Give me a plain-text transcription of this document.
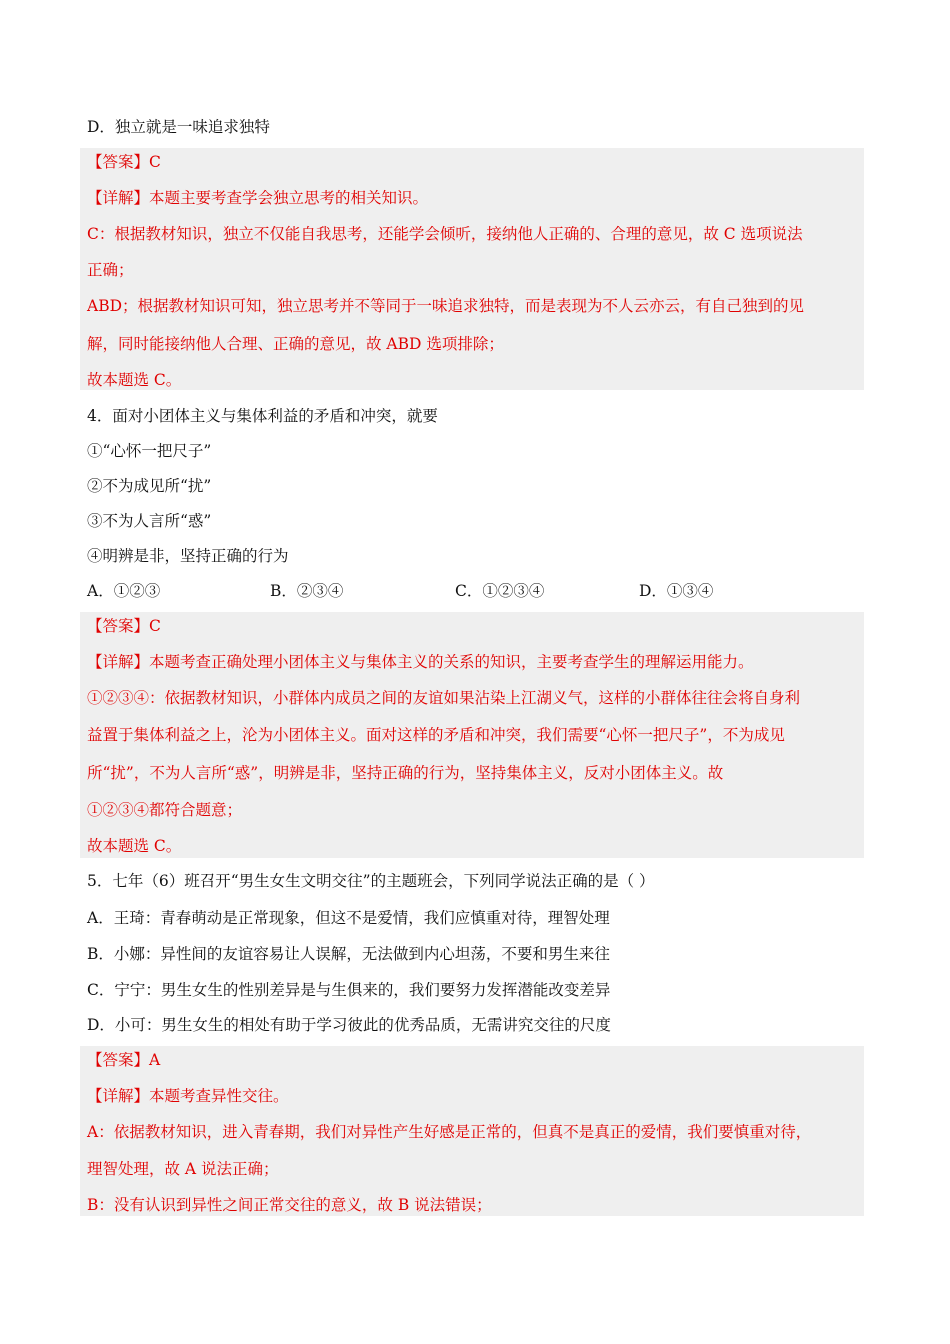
D．独立就是一味追求独特
【答案】C
【详解】本题主要考查学会独立思考的相关知识。
C：根据教材知识，独立不仅能自我思考，还能学会倾听，接纳他人正确的、合理的意见，故 C 选项说法
正确；
ABD；根据教材知识可知，独立思考并不等同于一味追求独特，而是表现为不人云亦云，有自己独到的见
解，同时能接纳他人合理、正确的意见，故 ABD 选项排除；
故本题选 C。
4．面对小团体主义与集体利益的矛盾和冲突，就要
①“心怀一把尺子”
②不为成见所“扰”
③不为人言所“惑”
④明辨是非，坚持正确的行为
A．①②③	B．②③④	C．①②③④	D．①③④
【答案】C
【详解】本题考查正确处理小团体主义与集体主义的关系的知识，主要考查学生的理解运用能力。
①②③④：依据教材知识，小群体内成员之间的友谊如果沾染上江湖义气，这样的小群体往往会将自身利
益置于集体利益之上，沦为小团体主义。面对这样的矛盾和冲突，我们需要“心怀一把尺子”，不为成见
所“扰”，不为人言所“惑”，明辨是非，坚持正确的行为，坚持集体主义，反对小团体主义。故
①②③④都符合题意；
故本题选 C。
5．七年（6）班召开“男生女生文明交往”的主题班会，下列同学说法正确的是（ ）
A．王琦：青春萌动是正常现象，但这不是爱情，我们应慎重对待，理智处理
B．小娜：异性间的友谊容易让人误解，无法做到内心坦荡，不要和男生来往
C．宁宁：男生女生的性别差异是与生俱来的，我们要努力发挥潜能改变差异
D．小可：男生女生的相处有助于学习彼此的优秀品质，无需讲究交往的尺度
【答案】A
【详解】本题考查异性交往。
A：依据教材知识，进入青春期，我们对异性产生好感是正常的，但真不是真正的爱情，我们要慎重对待，
理智处理，故 A 说法正确；
B：没有认识到异性之间正常交往的意义，故 B 说法错误；
